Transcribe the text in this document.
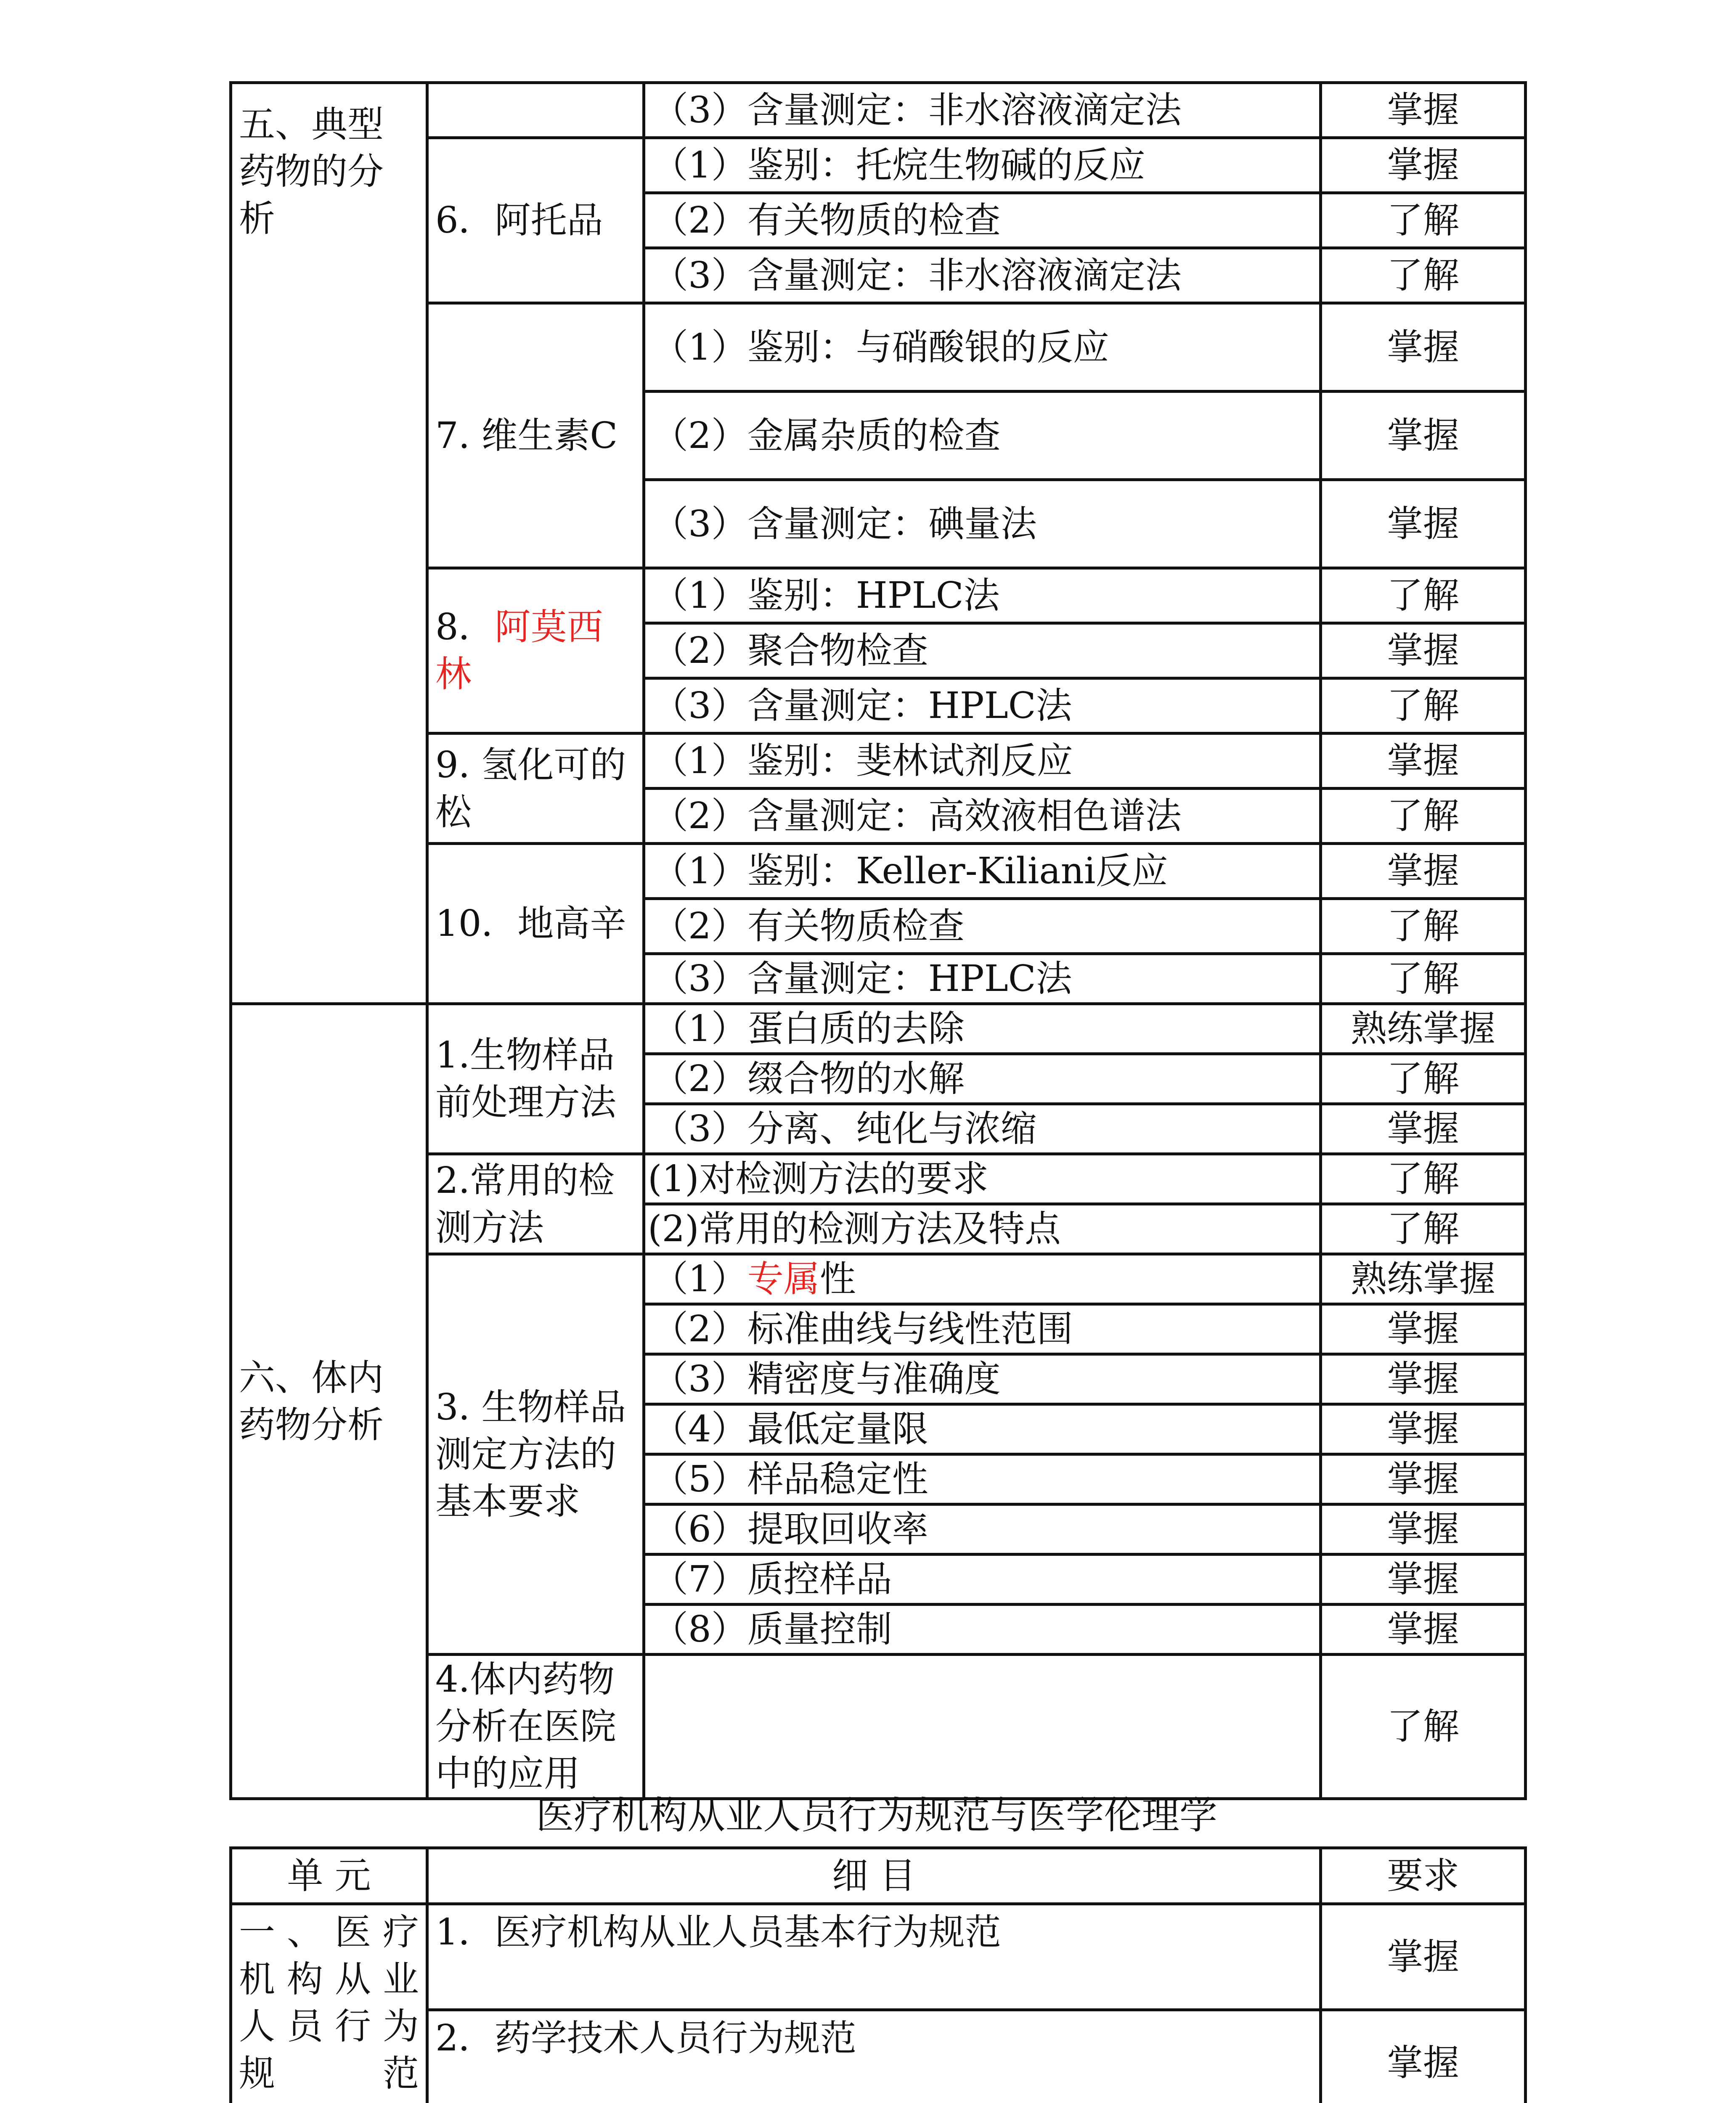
五、典型药物的分析		（3）含量测定：非水溶液滴定法	掌握
	6．阿托品	（1）鉴别：托烷生物碱的反应	掌握
		（2）有关物质的检查	了解
		（3）含量测定：非水溶液滴定法	了解
	7. 维生素C	（1）鉴别：与硝酸银的反应	掌握
		（2）金属杂质的检查	掌握
		（3）含量测定：碘量法	掌握
	8．阿莫西林	（1）鉴别：HPLC法	了解
		（2）聚合物检查	掌握
		（3）含量测定：HPLC法	了解
	9. 氢化可的松	（1）鉴别：斐林试剂反应	掌握
		（2）含量测定：高效液相色谱法	了解
	10．地高辛	（1）鉴别：Keller-Kiliani反应	掌握
		（2）有关物质检查	了解
		（3）含量测定：HPLC法	了解

六、体内药物分析	1.生物样品前处理方法	（1）蛋白质的去除	熟练掌握
		（2）缀合物的水解	了解
		（3）分离、纯化与浓缩	掌握
	2.常用的检测方法	(1)对检测方法的要求	了解
		(2)常用的检测方法及特点	了解
	3. 生物样品测定方法的基本要求	（1）专属性	熟练掌握
		（2）标准曲线与线性范围	掌握
		（3）精密度与准确度	掌握
		（4）最低定量限	掌握
		（5）样品稳定性	掌握
		（6）提取回收率	掌握
		（7）质控样品	掌握
		（8）质量控制	掌握
	4.体内药物分析在医院中的应用		了解

医疗机构从业人员行为规范与医学伦理学
单 元	细 目	要求
一、医疗机构从业人员行为规范	1．医疗机构从业人员基本行为规范	掌握
	2．药学技术人员行为规范	掌握
